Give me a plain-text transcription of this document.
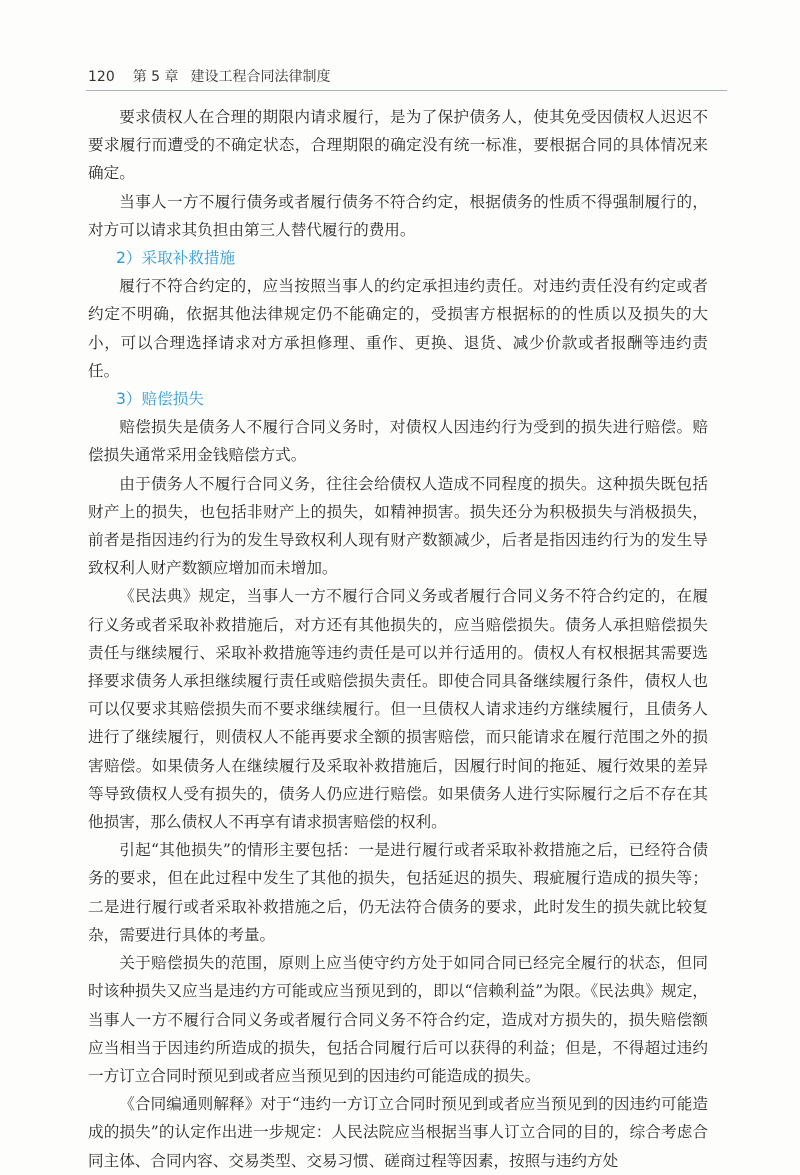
120 第 5 章 建设工程合同法律制度

要求债权人在合理的期限内请求履行，是为了保护债务人，使其免受因债权人迟迟不要求履行而遭受的不确定状态，合理期限的确定没有统一标准，要根据合同的具体情况来确定。

当事人一方不履行债务或者履行债务不符合约定，根据债务的性质不得强制履行的，对方可以请求其负担由第三人替代履行的费用。

2）采取补救措施

履行不符合约定的，应当按照当事人的约定承担违约责任。对违约责任没有约定或者约定不明确，依据其他法律规定仍不能确定的，受损害方根据标的的性质以及损失的大小，可以合理选择请求对方承担修理、重作、更换、退货、减少价款或者报酬等违约责任。

3）赔偿损失

赔偿损失是债务人不履行合同义务时，对债权人因违约行为受到的损失进行赔偿。赔偿损失通常采用金钱赔偿方式。

由于债务人不履行合同义务，往往会给债权人造成不同程度的损失。这种损失既包括财产上的损失，也包括非财产上的损失，如精神损害。损失还分为积极损失与消极损失，前者是指因违约行为的发生导致权利人现有财产数额减少，后者是指因违约行为的发生导致权利人财产数额应增加而未增加。

《民法典》规定，当事人一方不履行合同义务或者履行合同义务不符合约定的，在履行义务或者采取补救措施后，对方还有其他损失的，应当赔偿损失。债务人承担赔偿损失责任与继续履行、采取补救措施等违约责任是可以并行适用的。债权人有权根据其需要选择要求债务人承担继续履行责任或赔偿损失责任。即使合同具备继续履行条件，债权人也可以仅要求其赔偿损失而不要求继续履行。但一旦债权人请求违约方继续履行，且债务人进行了继续履行，则债权人不能再要求全额的损害赔偿，而只能请求在履行范围之外的损害赔偿。如果债务人在继续履行及采取补救措施后，因履行时间的拖延、履行效果的差异等导致债权人受有损失的，债务人仍应进行赔偿。如果债务人进行实际履行之后不存在其他损害，那么债权人不再享有请求损害赔偿的权利。

引起“其他损失”的情形主要包括：一是进行履行或者采取补救措施之后，已经符合债务的要求，但在此过程中发生了其他的损失，包括延迟的损失、瑕疵履行造成的损失等；二是进行履行或者采取补救措施之后，仍无法符合债务的要求，此时发生的损失就比较复杂，需要进行具体的考量。

关于赔偿损失的范围，原则上应当使守约方处于如同合同已经完全履行的状态，但同时该种损失又应当是违约方可能或应当预见到的，即以“信赖利益”为限。《民法典》规定，当事人一方不履行合同义务或者履行合同义务不符合约定，造成对方损失的，损失赔偿额应当相当于因违约所造成的损失，包括合同履行后可以获得的利益；但是，不得超过违约一方订立合同时预见到或者应当预见到的因违约可能造成的损失。

《合同编通则解释》对于“违约一方订立合同时预见到或者应当预见到的因违约可能造成的损失”的认定作出进一步规定：人民法院应当根据当事人订立合同的目的，综合考虑合同主体、合同内容、交易类型、交易习惯、磋商过程等因素，按照与违约方处
